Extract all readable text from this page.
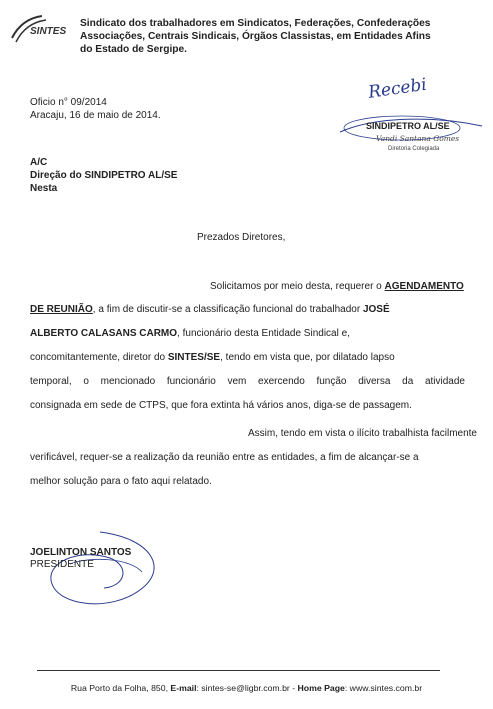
SINTES
Sindicato dos trabalhadores em Sindicatos, Federações, Confederações
Associações, Centrais Sindicais, Órgãos Classistas, em Entidades Afins
do Estado de Sergipe.
Oficio n° 09/2014
Aracaju, 16 de maio de 2014.
Recebi
SINDIPETRO AL/SE
Vandi Santana Gomes
Diretoria Colegiada
A/C
Direção do SINDIPETRO AL/SE
Nesta
Prezados Diretores,
Solicitamos por meio desta, requerer o AGENDAMENTO
DE REUNIÃO, a fim de discutir-se a classificação funcional do trabalhador JOSÉ
ALBERTO CALASANS CARMO, funcionário desta Entidade Sindical e,
concomitantemente, diretor do SINTES/SE, tendo em vista que, por dilatado lapso
temporal, o mencionado funcionário vem exercendo função diversa da atividade
consignada em sede de CTPS, que fora extinta há vários anos, diga-se de passagem.
Assim, tendo em vista o ilícito trabalhista facilmente
verificável, requer-se a realização da reunião entre as entidades, a fim de alcançar-se a
melhor solução para o fato aqui relatado.
JOELINTON SANTOS
PRESIDENTE
Rua Porto da Folha, 850, E-mail: sintes-se@ligbr.com.br - Home Page: www.sintes.com.br
